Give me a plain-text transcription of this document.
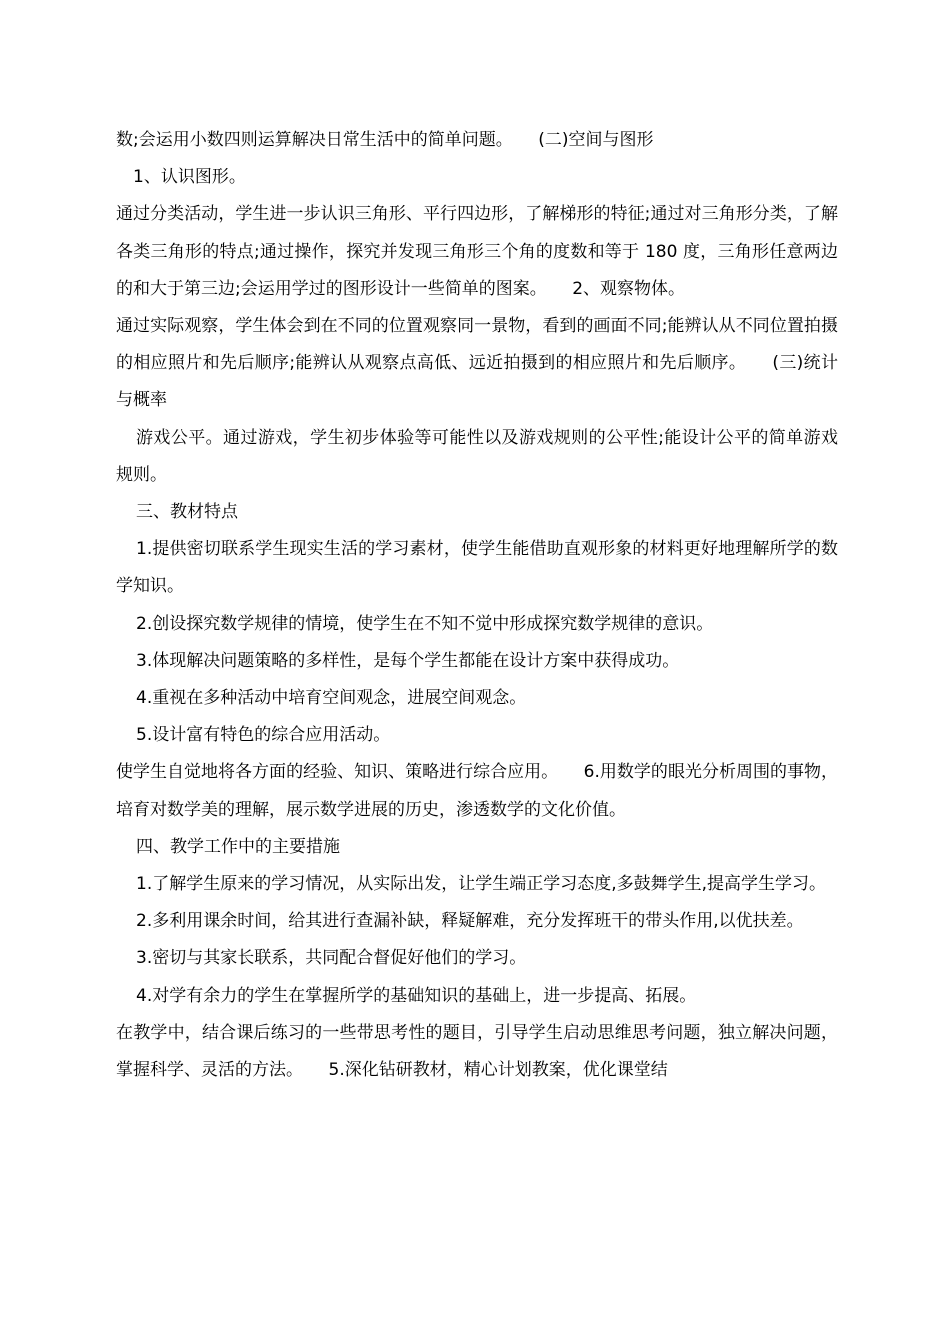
数;会运用小数四则运算解决日常生活中的简单问题。　　(二)空间与图形

1、认识图形。

通过分类活动，学生进一步认识三角形、平行四边形，了解梯形的特征;通过对三角形分类，了解各类三角形的特点;通过操作，探究并发现三角形三个角的度数和等于 180 度，三角形任意两边的和大于第三边;会运用学过的图形设计一些简单的图案。　　2、观察物体。

通过实际观察，学生体会到在不同的位置观察同一景物，看到的画面不同;能辨认从不同位置拍摄的相应照片和先后顺序;能辨认从观察点高低、远近拍摄到的相应照片和先后顺序。　　(三)统计与概率

游戏公平。通过游戏，学生初步体验等可能性以及游戏规则的公平性;能设计公平的简单游戏规则。

三、教材特点

1.提供密切联系学生现实生活的学习素材，使学生能借助直观形象的材料更好地理解所学的数学知识。

2.创设探究数学规律的情境，使学生在不知不觉中形成探究数学规律的意识。

3.体现解决问题策略的多样性，是每个学生都能在设计方案中获得成功。

4.重视在多种活动中培育空间观念，进展空间观念。

5.设计富有特色的综合应用活动。

使学生自觉地将各方面的经验、知识、策略进行综合应用。　　6.用数学的眼光分析周围的事物，培育对数学美的理解，展示数学进展的历史，渗透数学的文化价值。

四、教学工作中的主要措施

1.了解学生原来的学习情况，从实际出发，让学生端正学习态度,多鼓舞学生,提高学生学习。

2.多利用课余时间，给其进行查漏补缺，释疑解难，充分发挥班干的带头作用,以优扶差。

3.密切与其家长联系，共同配合督促好他们的学习。

4.对学有余力的学生在掌握所学的基础知识的基础上，进一步提高、拓展。

在教学中，结合课后练习的一些带思考性的题目，引导学生启动思维思考问题，独立解决问题，掌握科学、灵活的方法。　　5.深化钻研教材，精心计划教案，优化课堂结
